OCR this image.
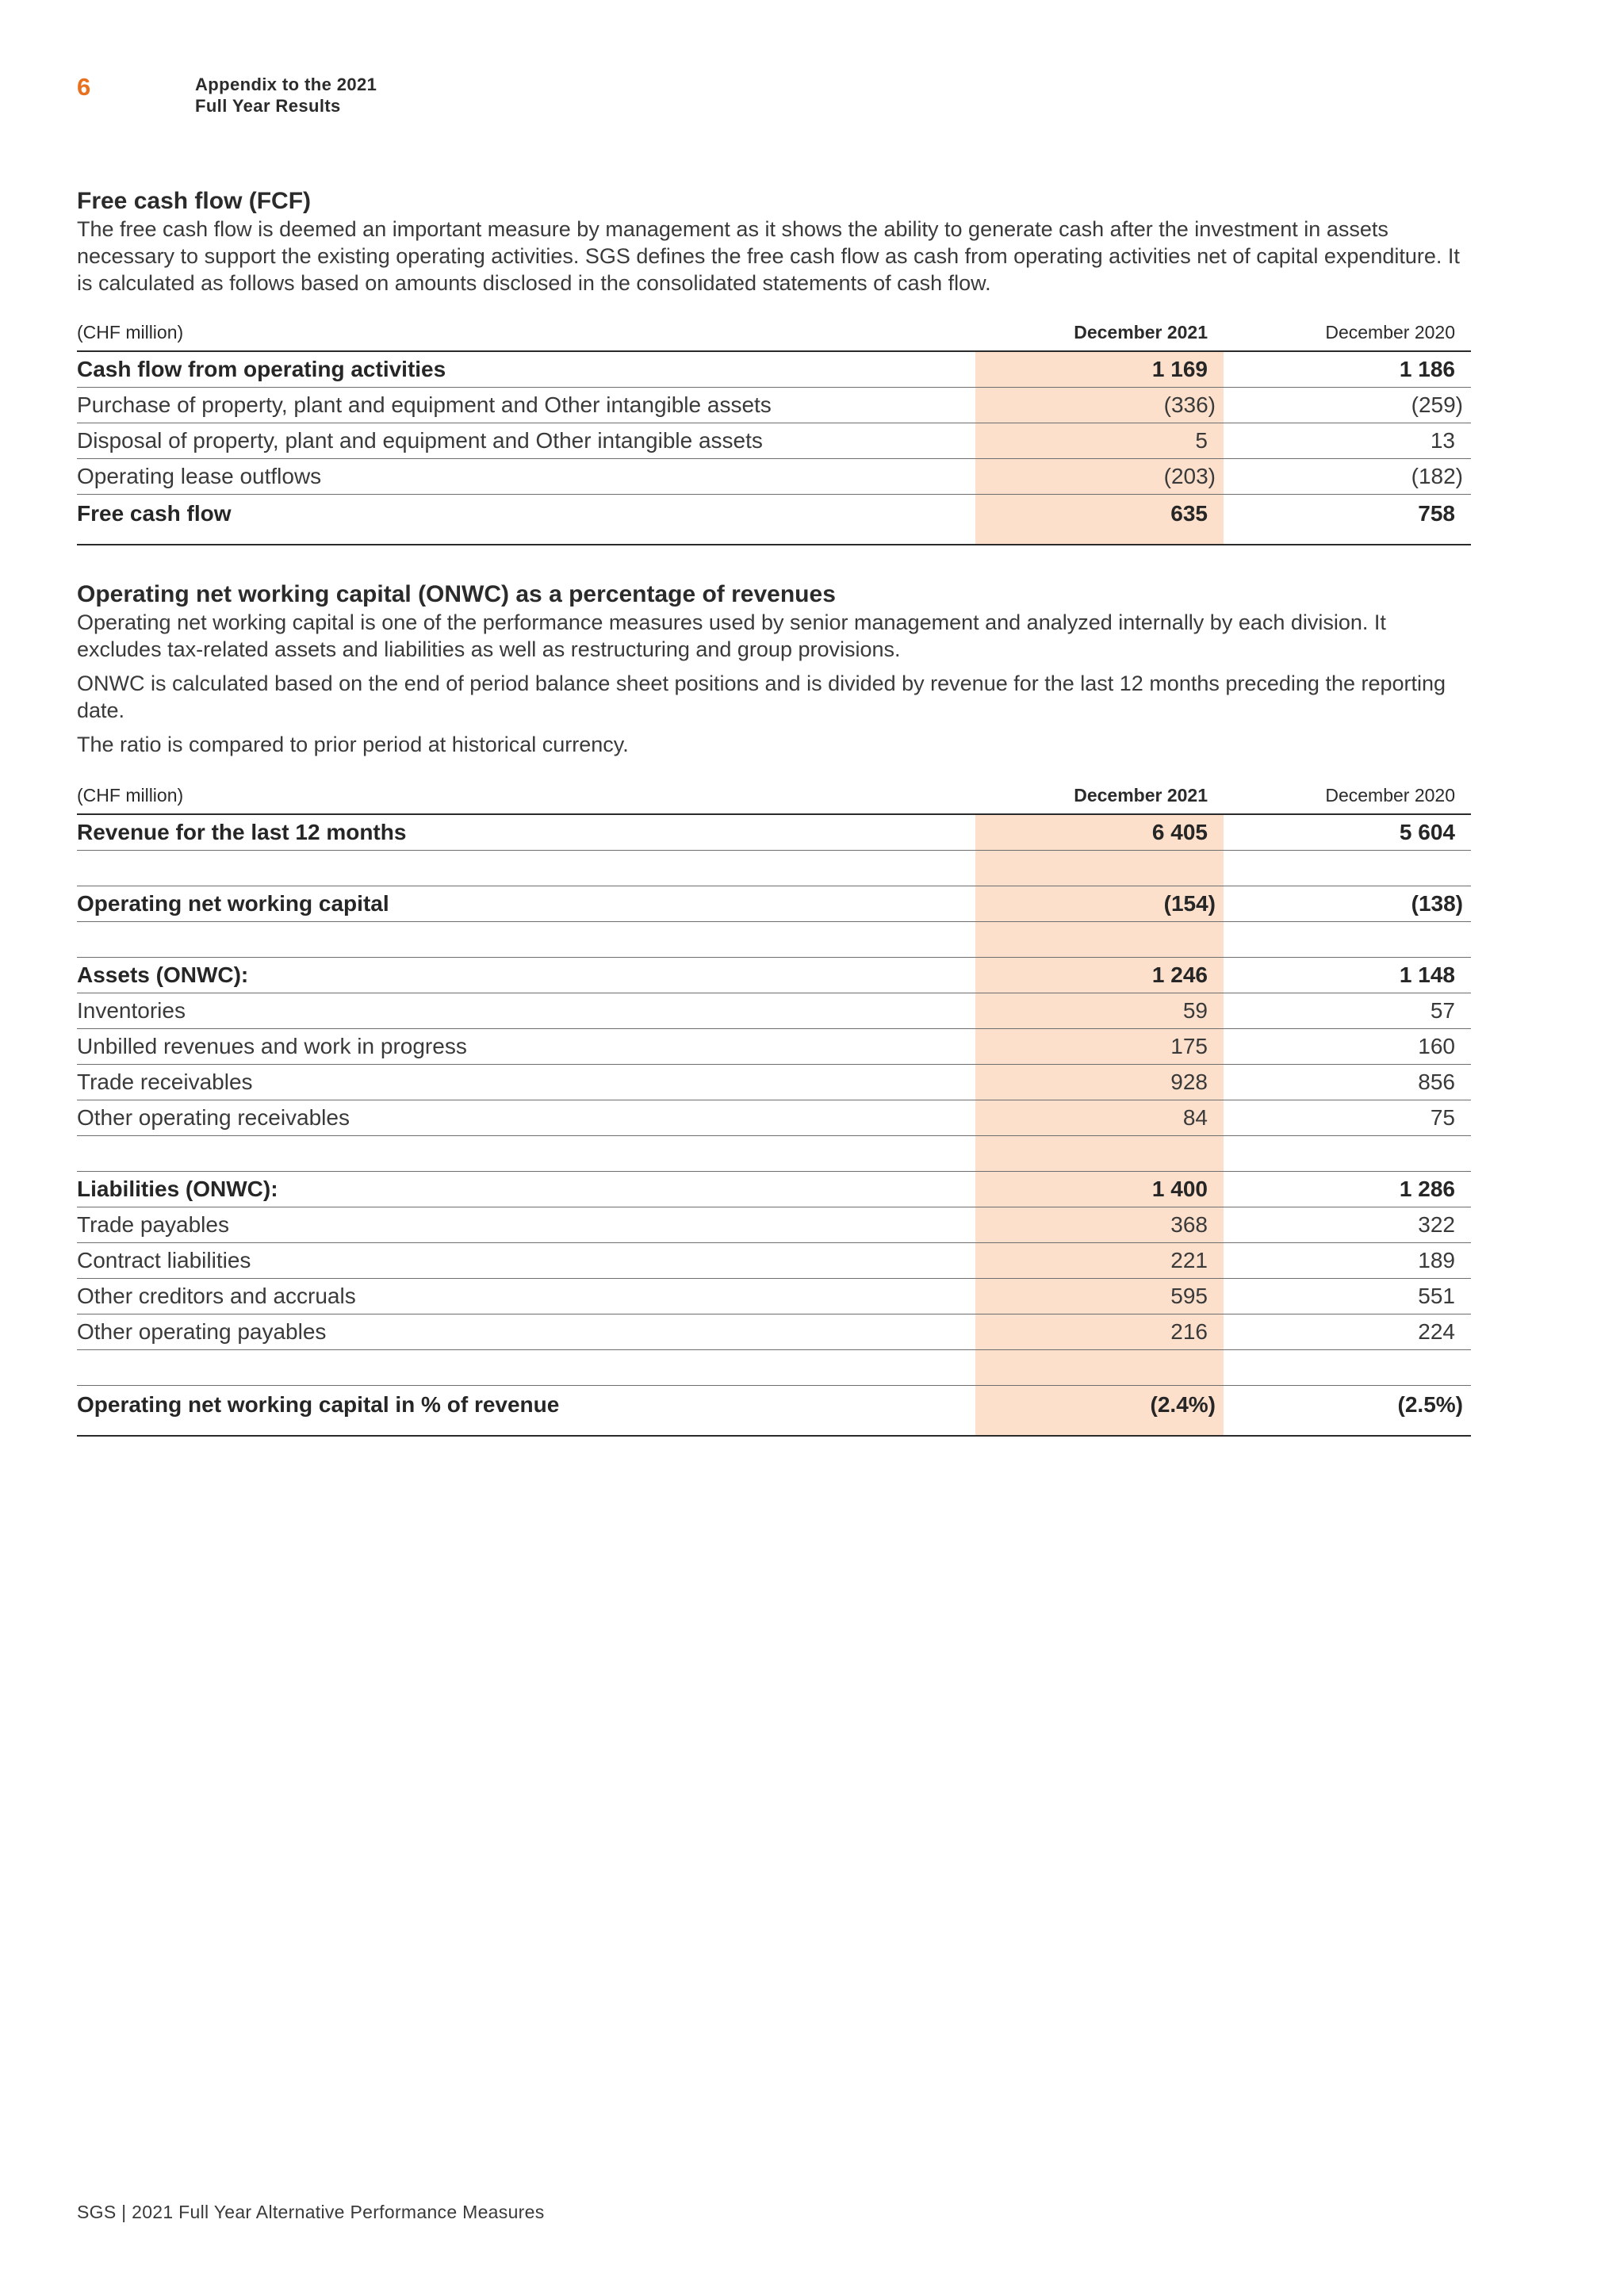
6	Appendix to the 2021
Full Year Results
Free cash flow (FCF)

The free cash flow is deemed an important measure by management as it shows the ability to generate cash after the investment in assets necessary to support the existing operating activities. SGS defines the free cash flow as cash from operating activities net of capital expenditure. It is calculated as follows based on amounts disclosed in the consolidated statements of cash flow.

(CHF million)	December 2021	December 2020
Cash flow from operating activities	1 169	1 186
Purchase of property, plant and equipment and Other intangible assets	(336)	(259)
Disposal of property, plant and equipment and Other intangible assets	5	13
Operating lease outflows	(203)	(182)
Free cash flow	635	758
Operating net working capital (ONWC) as a percentage of revenues

Operating net working capital is one of the performance measures used by senior management and analyzed internally by each division. It excludes tax-related assets and liabilities as well as restructuring and group provisions.

ONWC is calculated based on the end of period balance sheet positions and is divided by revenue for the last 12 months preceding the reporting date.

The ratio is compared to prior period at historical currency.

(CHF million)	December 2021	December 2020
Revenue for the last 12 months	6 405	5 604

Operating net working capital	(154)	(138)

Assets (ONWC):	1 246	1 148
Inventories	59	57
Unbilled revenues and work in progress	175	160
Trade receivables	928	856
Other operating receivables	84	75

Liabilities (ONWC):	1 400	1 286
Trade payables	368	322
Contract liabilities	221	189
Other creditors and accruals	595	551
Other operating payables	216	224

Operating net working capital in % of revenue	(2.4%)	(2.5%)
SGS | 2021 Full Year Alternative Performance Measures
